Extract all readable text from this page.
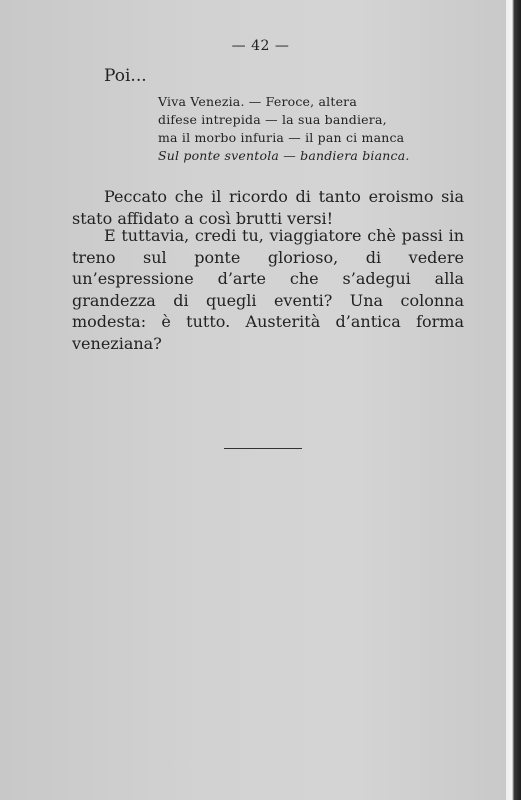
— 42 —
Poi...
Viva Venezia. — Feroce, altera
difese intrepida — la sua bandiera,
ma il morbo infuria — il pan ci manca
Sul ponte sventola — bandiera bianca.

Peccato che il ricordo di tanto eroismo sia stato affidato a così brutti versi!

E tuttavia, credi tu, viaggiatore chè passi in treno sul ponte glorioso, di vedere un’espressione d’arte che s’adegui alla grandezza di quegli eventi? Una colonna modesta: è tutto. Austerità d’antica forma veneziana?
